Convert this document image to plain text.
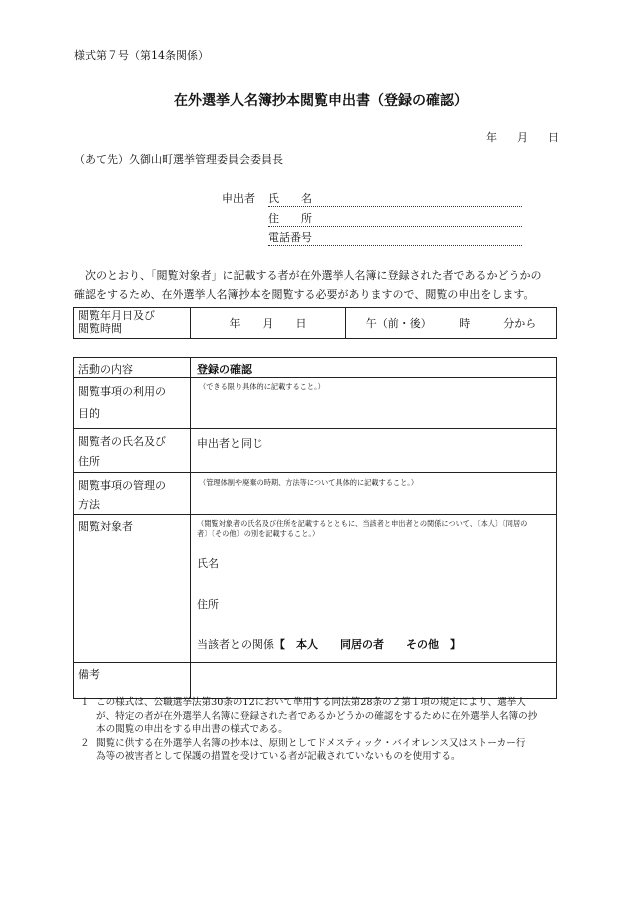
様式第７号（第14条関係）
在外選挙人名簿抄本閲覧申出書（登録の確認）
年 月 日
（あて先）久御山町選挙管理委員会委員長
申出者 氏　　名
住　　所
電話番号
次のとおり、「閲覧対象者」に記載する者が在外選挙人名簿に登録された者であるかどうかの
確認をするため、在外選挙人名簿抄本を閲覧する必要がありますので、閲覧の申出をします。
閲覧年月日及び
閲覧時間	年　　月　　日	午（前・後）　　　時　　　分から
活動の内容	登録の確認

閲覧事項の利用の
目的	（できる限り具体的に記載すること。）

閲覧者の氏名及び
住所	申出者と同じ

閲覧事項の管理の
方法	（管理体制や廃棄の時期、方法等について具体的に記載すること。）

閲覧対象者	（閲覧対象者の氏名及び住所を記載するとともに、当該者と申出者との関係について、〔本人〕〔同居の
者〕〔その他〕の別を記載すること。）
氏名
住所
当該者との関係【　本人　　同居の者　　その他　】

備考	
１ この様式は、公職選挙法第30条の12において準用する同法第28条の２第１項の規定により、選挙人
が、特定の者が在外選挙人名簿に登録された者であるかどうかの確認をするために在外選挙人名簿の抄
本の閲覧の申出をする申出書の様式である。
２ 閲覧に供する在外選挙人名簿の抄本は、原則としてドメスティック・バイオレンス又はストーカー行
為等の被害者として保護の措置を受けている者が記載されていないものを使用する。
